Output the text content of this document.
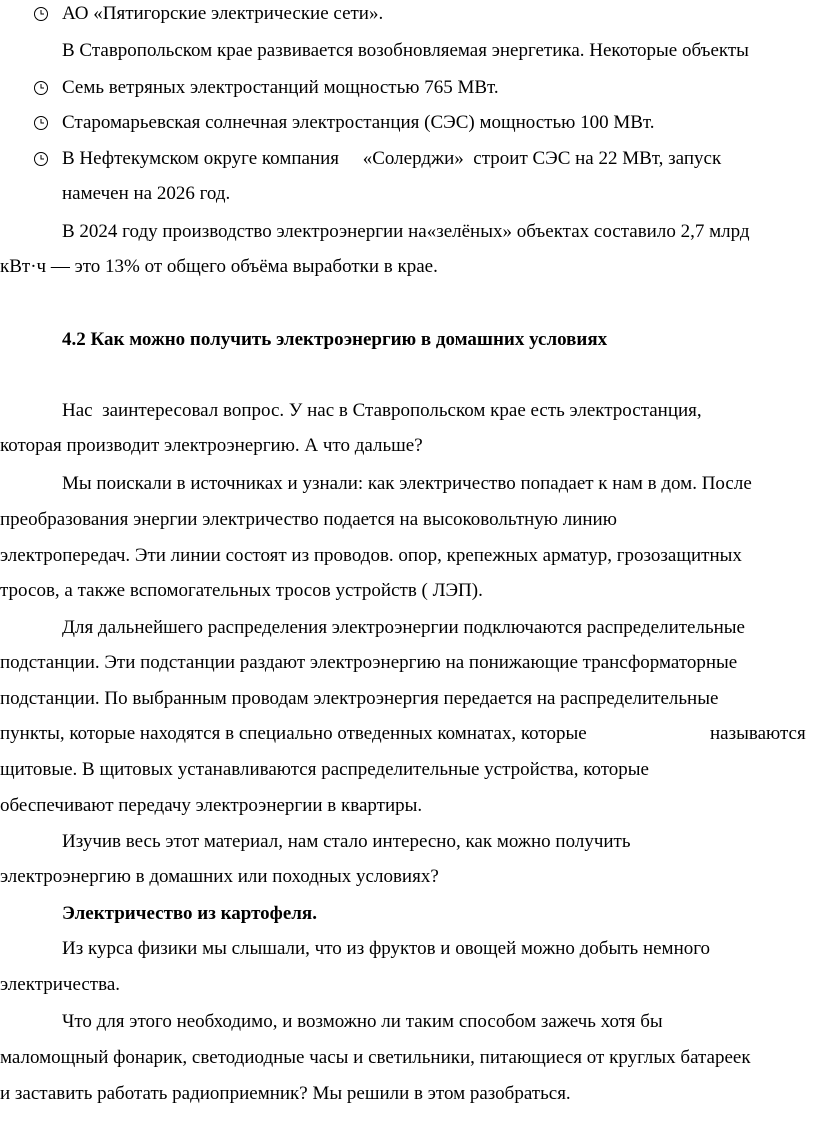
АО «Пятигорские электрические сети».
В Ставропольском крае развивается возобновляемая энергетика. Некоторые объекты
Семь ветряных электростанций мощностью 765 МВт.
Старомарьевская солнечная электростанция (СЭС) мощностью 100 МВт.
В Нефтекумском округе компания     «Солерджи»  строит СЭС на 22 МВт, запуск
намечен на 2026 год.
В 2024 году производство электроэнергии на«зелёных» объектах составило 2,7 млрд
кВт·ч — это 13% от общего объёма выработки в крае.
4.2 Как можно получить электроэнергию в домашних условиях
Нас  заинтересовал вопрос. У нас в Ставропольском крае есть электростанция,
которая производит электроэнергию. А что дальше?
Мы поискали в источниках и узнали: как электричество попадает к нам в дом. После
преобразования энергии электричество подается на высоковольтную линию
электропередач. Эти линии состоят из проводов. опор, крепежных арматур, грозозащитных
тросов, а также вспомогательных тросов устройств ( ЛЭП).
Для дальнейшего распределения электроэнергии подключаются распределительные
подстанции. Эти подстанции раздают электроэнергию на понижающие трансформаторные
подстанции. По выбранным проводам электроэнергия передается на распределительные
пункты, которые находятся в специально отведенных комнатах, которые	называются
щитовые. В щитовых устанавливаются распределительные устройства, которые
обеспечивают передачу электроэнергии в квартиры.
Изучив весь этот материал, нам стало интересно, как можно получить
электроэнергию в домашних или походных условиях?
Электричество из картофеля.
Из курса физики мы слышали, что из фруктов и овощей можно добыть немного
электричества.
Что для этого необходимо, и возможно ли таким способом зажечь хотя бы
маломощный фонарик, светодиодные часы и светильники, питающиеся от круглых батареек
и заставить работать радиоприемник? Мы решили в этом разобраться.
